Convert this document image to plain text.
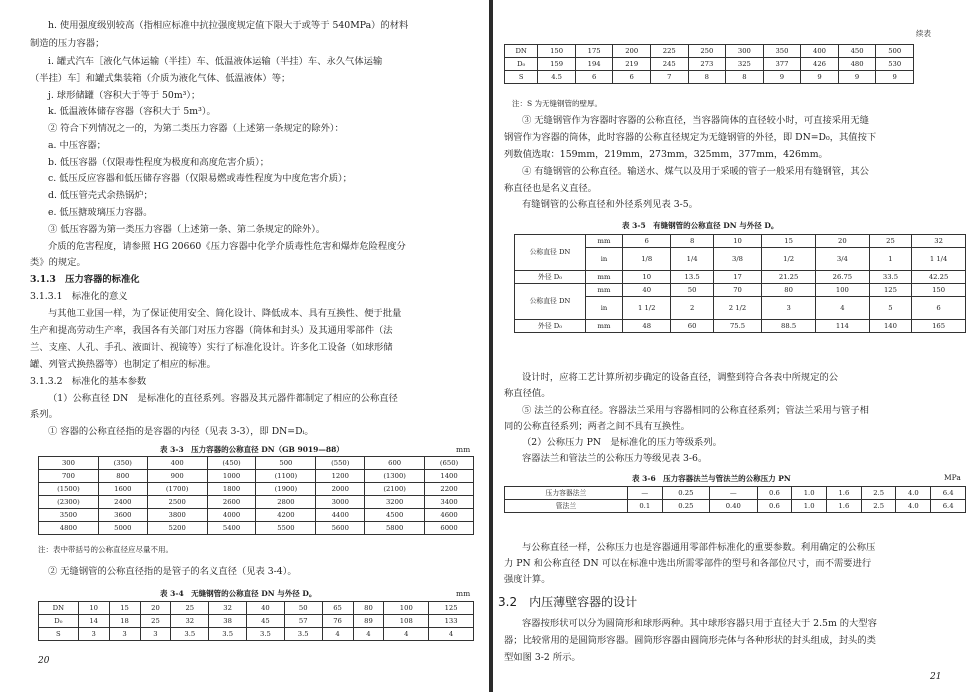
h. 使用强度级别较高（指相应标准中抗拉强度规定值下限大于或等于 540MPa）的材料
制造的压力容器；
i. 罐式汽车［液化气体运输（半挂）车、低温液体运输（半挂）车、永久气体运输
（半挂）车］和罐式集装箱（介质为液化气体、低温液体）等；
j. 球形储罐（容积大于等于 50m³）；
k. 低温液体储存容器（容积大于 5m³）。
② 符合下列情况之一的，为第二类压力容器（上述第一条规定的除外）：
a. 中压容器；
b. 低压容器（仅限毒性程度为极度和高度危害介质）；
c. 低压反应容器和低压储存容器（仅限易燃或毒性程度为中度危害介质）；
d. 低压管壳式余热锅炉；
e. 低压搪玻璃压力容器。
③ 低压容器为第一类压力容器（上述第一条、第二条规定的除外）。
介质的危害程度，请参照 HG 20660《压力容器中化学介质毒性危害和爆炸危险程度分
类》的规定。
3.1.3　压力容器的标准化
3.1.3.1　标准化的意义
与其他工业国一样，为了保证使用安全、简化设计、降低成本、具有互换性、便于批量
生产和提高劳动生产率，我国各有关部门对压力容器（筒体和封头）及其通用零部件（法
兰、支座、人孔、手孔、液面计、视镜等）实行了标准化设计。许多化工设备（如球形储
罐、列管式换热器等）也制定了相应的标准。
3.1.3.2　标准化的基本参数
（1）公称直径 DN　是标准化的直径系列。容器及其元器件都制定了相应的公称直径
系列。
① 容器的公称直径指的是容器的内径（见表 3-3），即 DN=Dᵢ。
表 3-3　压力容器的公称直径 DN（GB 9019—88）	mm
300	(350)	400	(450)	500	(550)	600	(650)
700	800	900	1000	(1100)	1200	(1300)	1400
(1500)	1600	(1700)	1800	(1900)	2000	(2100)	2200
(2300)	2400	2500	2600	2800	3000	3200	3400
3500	3600	3800	4000	4200	4400	4500	4600
4800	5000	5200	5400	5500	5600	5800	6000
注：表中带括号的公称直径应尽量不用。
② 无缝钢管的公称直径指的是管子的名义直径（见表 3-4）。
表 3-4　无缝钢管的公称直径 DN 与外径 D。	mm
DN	10	15	20	25	32	40	50	65	80	100	125
D₀	14	18	25	32	38	45	57	76	89	108	133
S	3	3	3	3.5	3.5	3.5	3.5	4	4	4	4
20
续表
DN	150	175	200	225	250	300	350	400	450	500
D₀	159	194	219	245	273	325	377	426	480	530
S	4.5	6	6	7	8	8	9	9	9	9
注：S 为无缝钢管的壁厚。
③ 无缝钢管作为容器时容器的公称直径，当容器筒体的直径较小时，可直接采用无缝
钢管作为容器的筒体，此时容器的公称直径规定为无缝钢管的外径，即 DN=D₀，其值按下
列数值选取：159mm，219mm，273mm，325mm，377mm，426mm。
④ 有缝钢管的公称直径。输送水、煤气以及用于采暖的管子一般采用有缝钢管，其公
称直径也是名义直径。
有缝钢管的公称直径和外径系列见表 3-5。
表 3-5　有缝钢管的公称直径 DN 与外径 D。
公称直径 DN	mm	6	8	10	15	20	25	32
	in	1/8	1/4	3/8	1/2	3/4	1	1 1/4
外径 D₀	mm	10	13.5	17	21.25	26.75	33.5	42.25
公称直径 DN	mm	40	50	70	80	100	125	150
	in	1 1/2	2	2 1/2	3	4	5	6
外径 D₀	mm	48	60	75.5	88.5	114	140	165
设计时，应将工艺计算所初步确定的设备直径，调整到符合各表中所规定的公
称直径值。
⑤ 法兰的公称直径。容器法兰采用与容器相同的公称直径系列；管法兰采用与管子相
同的公称直径系列；两者之间不具有互换性。
（2）公称压力 PN　是标准化的压力等级系列。
容器法兰和管法兰的公称压力等级见表 3-6。
表 3-6　压力容器法兰与管法兰的公称压力 PN	MPa
压力容器法兰	—	0.25	—	0.6	1.0	1.6	2.5	4.0	6.4
管法兰	0.1	0.25	0.40	0.6	1.0	1.6	2.5	4.0	6.4
与公称直径一样，公称压力也是容器通用零部件标准化的重要参数。利用确定的公称压
力 PN 和公称直径 DN 可以在标准中选出所需零部件的型号和各部位尺寸，而不需要进行
强度计算。
3.2　内压薄壁容器的设计
容器按形状可以分为圆筒形和球形两种。其中球形容器只用于直径大于 2.5m 的大型容
器；比较常用的是圆筒形容器。圆筒形容器由圆筒形壳体与各种形状的封头组成，封头的类
型如图 3-2 所示。
21
